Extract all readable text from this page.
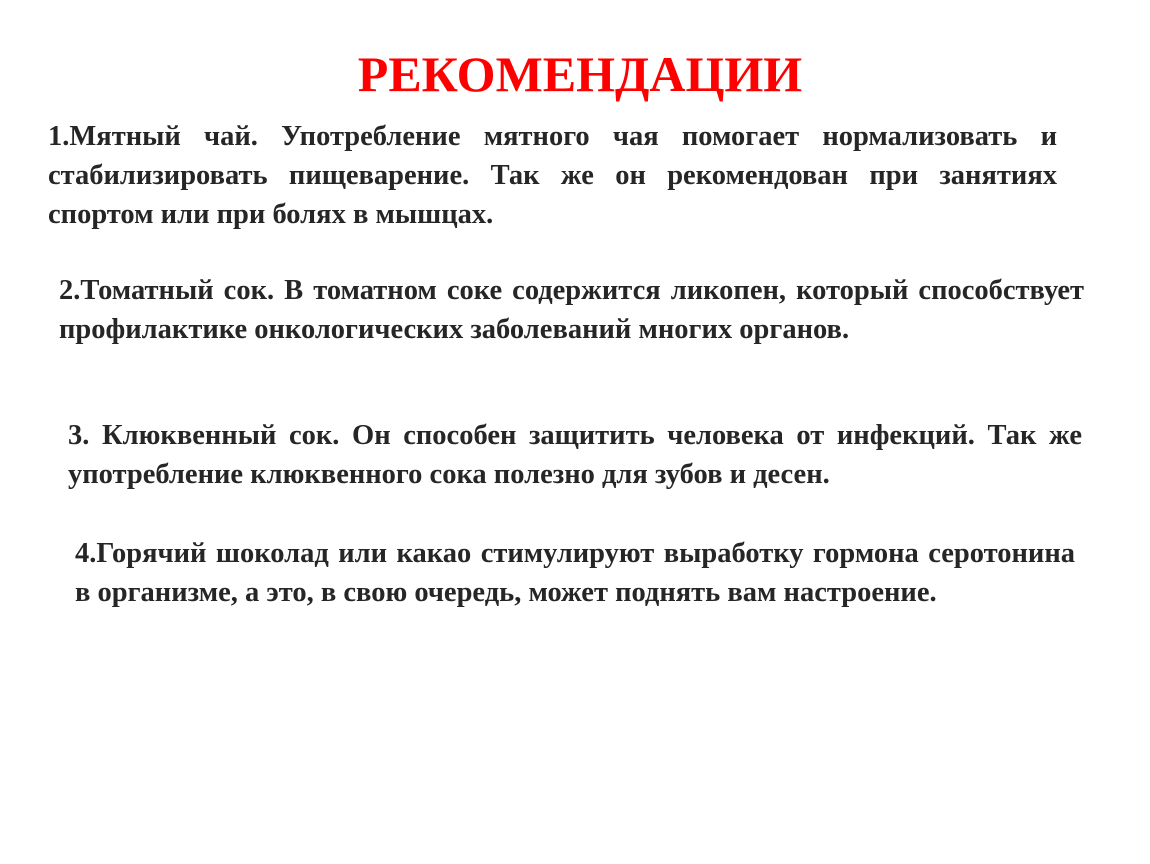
РЕКОМЕНДАЦИИ

1.Мятный чай. Употребление мятного чая помогает нормализовать и стабилизировать пищеварение. Так же он рекомендован при занятиях спортом или при болях в мышцах.

2.Томатный сок. В томатном соке содержится ликопен, который способствует профилактике онкологических заболеваний многих органов.

3. Клюквенный сок. Он способен защитить человека от инфекций. Так же употребление клюквенного сока полезно для зубов и десен.

4.Горячий шоколад или какао стимулируют выработку гормона серотонина в организме, а это, в свою очередь, может поднять вам настроение.
